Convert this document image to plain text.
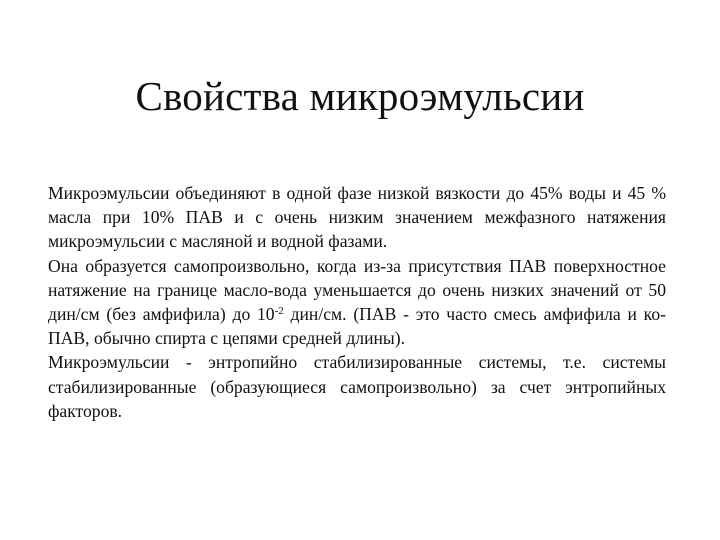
Свойства микроэмульсии

Микроэмульсии объединяют в одной фазе низкой вязкости до 45% воды и 45 % масла при 10% ПАВ и с очень низким значением межфазного натяжения микроэмульсии с масляной и водной фазами.

Она образуется самопроизвольно, когда из-за присутствия ПАВ поверхностное натяжение на границе масло-вода уменьшается до очень низких значений от 50 дин/см (без амфифила) до $10^{-2}$ дин/см. (ПАВ - это часто смесь амфифила и ко-ПАВ, обычно спирта с цепями средней длины).

Микроэмульсии - энтропийно стабилизированные системы, т.е. системы стабилизированные (образующиеся самопроизвольно) за счет энтропийных факторов.
